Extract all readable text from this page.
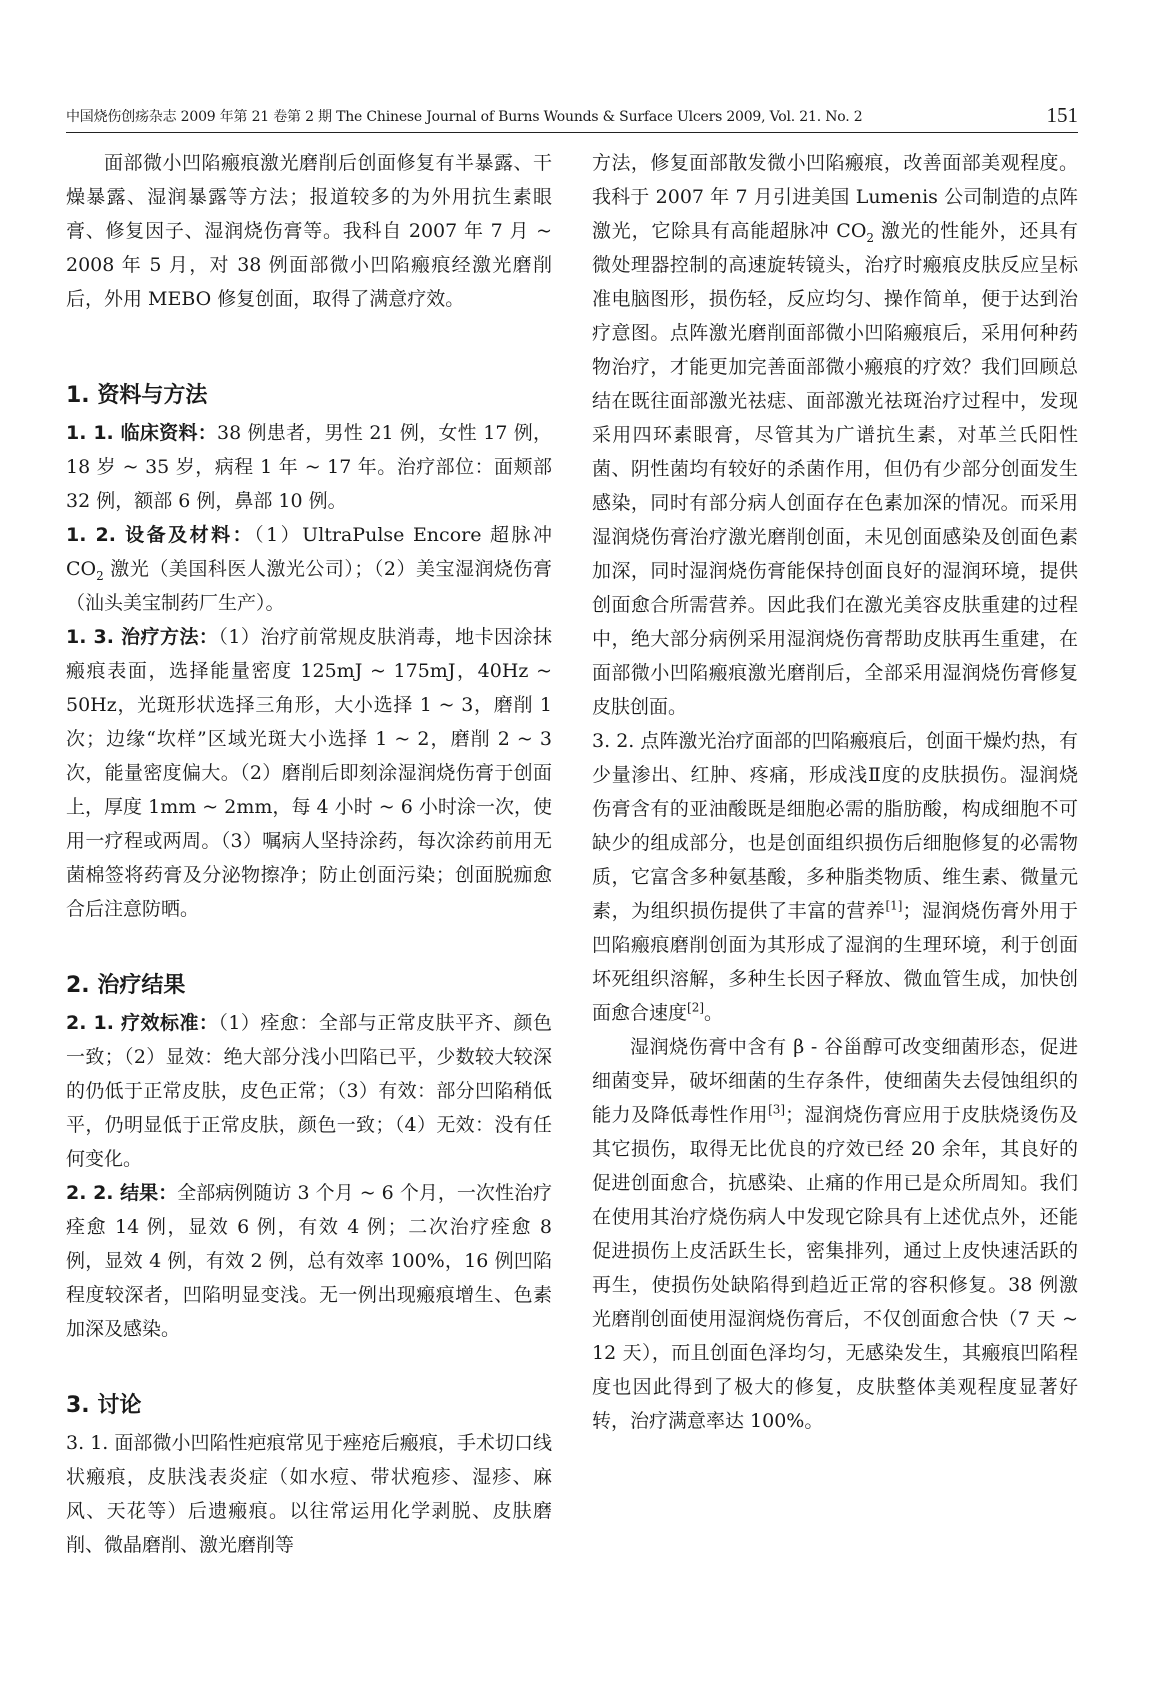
中国烧伤创疡杂志 2009 年第 21 卷第 2 期 The Chinese Journal of Burns Wounds & Surface Ulcers 2009, Vol. 21. No. 2	151

面部微小凹陷瘢痕激光磨削后创面修复有半暴露、干燥暴露、湿润暴露等方法；报道较多的为外用抗生素眼膏、修复因子、湿润烧伤膏等。我科自 2007 年 7 月 ~ 2008 年 5 月，对 38 例面部微小凹陷瘢痕经激光磨削后，外用 MEBO 修复创面，取得了满意疗效。

1. 资料与方法

1. 1. 临床资料：38 例患者，男性 21 例，女性 17 例，18 岁 ~ 35 岁，病程 1 年 ~ 17 年。治疗部位：面颊部 32 例，额部 6 例，鼻部 10 例。

1. 2. 设备及材料：（1）UltraPulse Encore 超脉冲 $CO_2$ 激光（美国科医人激光公司）；（2）美宝湿润烧伤膏（汕头美宝制药厂生产）。

1. 3. 治疗方法：（1）治疗前常规皮肤消毒，地卡因涂抹瘢痕表面，选择能量密度 125mJ ~ 175mJ，40Hz ~ 50Hz，光斑形状选择三角形，大小选择 1 ~ 3，磨削 1 次；边缘“坎样”区域光斑大小选择 1 ~ 2，磨削 2 ~ 3 次，能量密度偏大。（2）磨削后即刻涂湿润烧伤膏于创面上，厚度 1mm ~ 2mm，每 4 小时 ~ 6 小时涂一次，使用一疗程或两周。（3）嘱病人坚持涂药，每次涂药前用无菌棉签将药膏及分泌物擦净；防止创面污染；创面脱痂愈合后注意防晒。

2. 治疗结果

2. 1. 疗效标准：（1）痊愈：全部与正常皮肤平齐、颜色一致；（2）显效：绝大部分浅小凹陷已平，少数较大较深的仍低于正常皮肤，皮色正常；（3）有效：部分凹陷稍低平，仍明显低于正常皮肤，颜色一致；（4）无效：没有任何变化。

2. 2. 结果：全部病例随访 3 个月 ~ 6 个月，一次性治疗痊愈 14 例，显效 6 例，有效 4 例；二次治疗痊愈 8 例，显效 4 例，有效 2 例，总有效率 100%，16 例凹陷程度较深者，凹陷明显变浅。无一例出现瘢痕增生、色素加深及感染。

3. 讨论

3. 1. 面部微小凹陷性疤痕常见于痤疮后瘢痕，手术切口线状瘢痕，皮肤浅表炎症（如水痘、带状疱疹、湿疹、麻风、天花等）后遗瘢痕。以往常运用化学剥脱、皮肤磨削、微晶磨削、激光磨削等

方法，修复面部散发微小凹陷瘢痕，改善面部美观程度。我科于 2007 年 7 月引进美国 Lumenis 公司制造的点阵激光，它除具有高能超脉冲 $CO_2$ 激光的性能外，还具有微处理器控制的高速旋转镜头，治疗时瘢痕皮肤反应呈标准电脑图形，损伤轻，反应均匀、操作简单，便于达到治疗意图。点阵激光磨削面部微小凹陷瘢痕后，采用何种药物治疗，才能更加完善面部微小瘢痕的疗效？我们回顾总结在既往面部激光祛痣、面部激光祛斑治疗过程中，发现采用四环素眼膏，尽管其为广谱抗生素，对革兰氏阳性菌、阴性菌均有较好的杀菌作用，但仍有少部分创面发生感染，同时有部分病人创面存在色素加深的情况。而采用湿润烧伤膏治疗激光磨削创面，未见创面感染及创面色素加深，同时湿润烧伤膏能保持创面良好的湿润环境，提供创面愈合所需营养。因此我们在激光美容皮肤重建的过程中，绝大部分病例采用湿润烧伤膏帮助皮肤再生重建，在面部微小凹陷瘢痕激光磨削后，全部采用湿润烧伤膏修复皮肤创面。

3. 2. 点阵激光治疗面部的凹陷瘢痕后，创面干燥灼热，有少量渗出、红肿、疼痛，形成浅Ⅱ度的皮肤损伤。湿润烧伤膏含有的亚油酸既是细胞必需的脂肪酸，构成细胞不可缺少的组成部分，也是创面组织损伤后细胞修复的必需物质，它富含多种氨基酸，多种脂类物质、维生素、微量元素，为组织损伤提供了丰富的营养[1]；湿润烧伤膏外用于凹陷瘢痕磨削创面为其形成了湿润的生理环境，利于创面坏死组织溶解，多种生长因子释放、微血管生成，加快创面愈合速度[2]。

湿润烧伤膏中含有 β - 谷甾醇可改变细菌形态，促进细菌变异，破坏细菌的生存条件，使细菌失去侵蚀组织的能力及降低毒性作用[3]；湿润烧伤膏应用于皮肤烧烫伤及其它损伤，取得无比优良的疗效已经 20 余年，其良好的促进创面愈合，抗感染、止痛的作用已是众所周知。我们在使用其治疗烧伤病人中发现它除具有上述优点外，还能促进损伤上皮活跃生长，密集排列，通过上皮快速活跃的再生，使损伤处缺陷得到趋近正常的容积修复。38 例激光磨削创面使用湿润烧伤膏后，不仅创面愈合快（7 天 ~ 12 天），而且创面色泽均匀，无感染发生，其瘢痕凹陷程度也因此得到了极大的修复，皮肤整体美观程度显著好转，治疗满意率达 100%。
